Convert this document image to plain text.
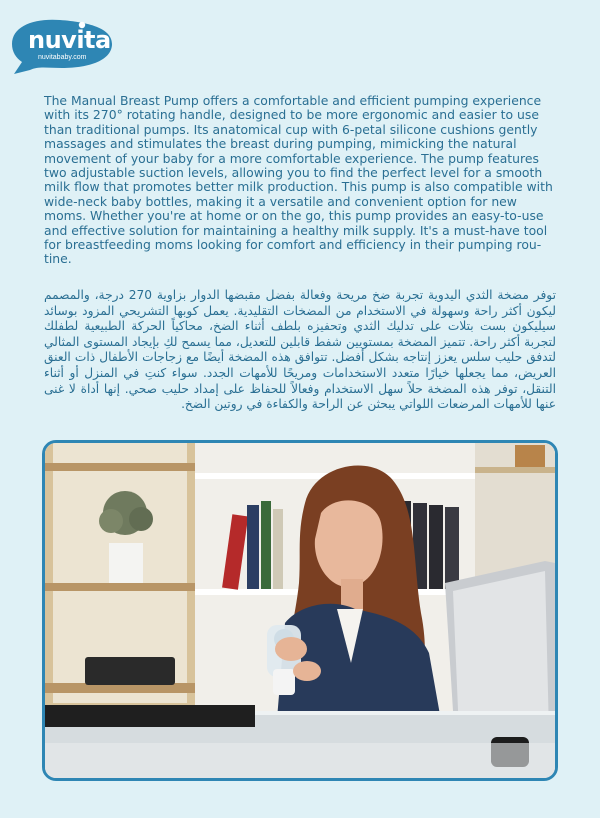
nuvita
nuvitababy.com
The Manual Breast Pump offers a comfortable and efficient pumping experience with its 270° rotating handle, designed to be more ergonomic and easier to use than traditional pumps. Its anatomical cup with 6-petal silicone cushions gently massages and stimulates the breast during pumping, mimicking the natural movement of your baby for a more comfortable experience. The pump features two adjustable suction levels, allowing you to find the perfect level for a smooth milk flow that promotes better milk production. This pump is also compatible with wide-neck baby bottles, making it a versatile and convenient option for new moms. Whether you're at home or on the go, this pump provides an easy-to-use and effective solution for maintaining a healthy milk supply. It's a must-have tool for breastfeeding moms looking for comfort and efficiency in their pumping rou-tine.
توفر مضخة الثدي اليدوية تجربة ضخ مريحة وفعالة بفضل مقبضها الدوار بزاوية 270 درجة، والمصمم ليكون أكثر راحة وسهولة في الاستخدام من المضخات التقليدية. يعمل كوبها التشريحي المزود بوسائد سيليكون بست بتلات على تدليك الثدي وتحفيزه بلطف أثناء الضخ، محاكياً الحركة الطبيعية لطفلك لتجربة أكثر راحة. تتميز المضخة بمستويين شفط قابلين للتعديل، مما يسمح لكِ بإيجاد المستوى المثالي لتدفق حليب سلس يعزز إنتاجه بشكل أفضل. تتوافق هذه المضخة أيضًا مع زجاجات الأطفال ذات العنق العريض، مما يجعلها خيارًا متعدد الاستخدامات ومريحًا للأمهات الجدد. سواء كنتِ في المنزل أو أثناء التنقل، توفر هذه المضخة حلاً سهل الاستخدام وفعالاً للحفاظ على إمداد حليب صحي. إنها أداة لا غنى عنها للأمهات المرضعات اللواتي يبحثن عن الراحة والكفاءة في روتين الضخ.
